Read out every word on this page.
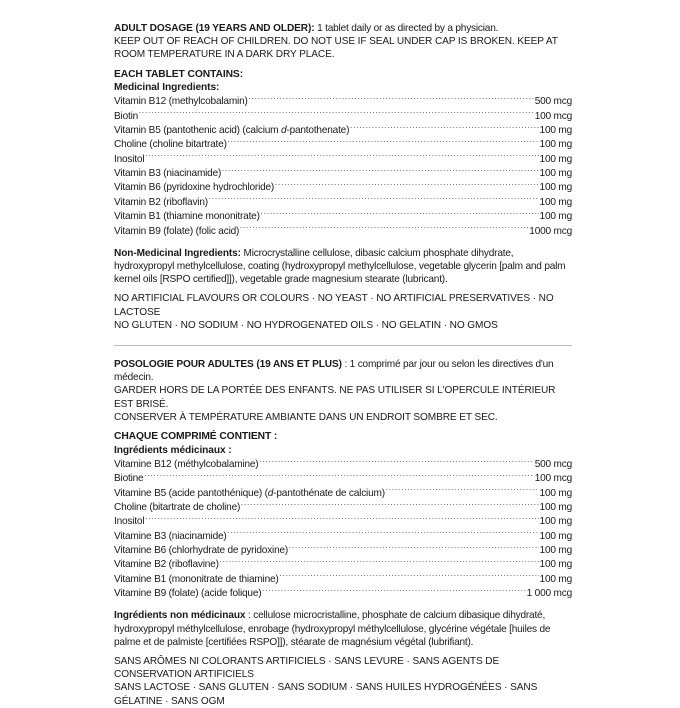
ADULT DOSAGE (19 YEARS AND OLDER): 1 tablet daily or as directed by a physician.

KEEP OUT OF REACH OF CHILDREN. DO NOT USE IF SEAL UNDER CAP IS BROKEN. KEEP AT

ROOM TEMPERATURE IN A DARK DRY PLACE.

EACH TABLET CONTAINS:

Medicinal Ingredients:

Vitamin B12 (methylcobalamin) .....	500 mcg
Biotin .....	100 mcg
Vitamin B5 (pantothenic acid) (calcium d-pantothenate) .....	100 mg
Choline (choline bitartrate) .....	100 mg
Inositol .....	100 mg
Vitamin B3 (niacinamide) .....	100 mg
Vitamin B6 (pyridoxine hydrochloride) .....	100 mg
Vitamin B2 (riboflavin) .....	100 mg
Vitamin B1 (thiamine mononitrate) .....	100 mg
Vitamin B9 (folate) (folic acid) .....	1000 mcg

Non-Medicinal Ingredients: Microcrystalline cellulose, dibasic calcium phosphate dihydrate, hydroxypropyl methylcellulose, coating (hydroxypropyl methylcellulose, vegetable glycerin [palm and palm kernel oils [RSPO certified]]), vegetable grade magnesium stearate (lubricant).

NO ARTIFICIAL FLAVOURS OR COLOURS · NO YEAST · NO ARTIFICIAL PRESERVATIVES · NO LACTOSE

NO GLUTEN · NO SODIUM · NO HYDROGENATED OILS · NO GELATIN · NO GMOS

POSOLOGIE POUR ADULTES (19 ANS ET PLUS) : 1 comprimé par jour ou selon les directives d'un médecin.

GARDER HORS DE LA PORTÉE DES ENFANTS. NE PAS UTILISER SI L'OPERCULE INTÉRIEUR EST BRISÉ.

CONSERVER À TEMPÉRATURE AMBIANTE DANS UN ENDROIT SOMBRE ET SEC.

CHAQUE COMPRIMÉ CONTIENT :

Ingrédients médicinaux :

Vitamine B12 (méthylcobalamine) .....	500 mcg
Biotine .....	100 mcg
Vitamine B5 (acide pantothénique) (d-pantothénate de calcium) .....	100 mg
Choline (bitartrate de choline) .....	100 mg
Inositol .....	100 mg
Vitamine B3 (niacinamide) .....	100 mg
Vitamine B6 (chlorhydrate de pyridoxine) .....	100 mg
Vitamine B2 (riboflavine) .....	100 mg
Vitamine B1 (mononitrate de thiamine) .....	100 mg
Vitamine B9 (folate) (acide folique) .....	1 000 mcg

Ingrédients non médicinaux : cellulose microcristalline, phosphate de calcium dibasique dihydraté, hydroxypropyl méthylcellulose, enrobage (hydroxypropyl méthylcellulose, glycérine végétale [huiles de palme et de palmiste [certifiées RSPO]]), stéarate de magnésium végétal (lubrifiant).

SANS ARÔMES NI COLORANTS ARTIFICIELS · SANS LEVURE · SANS AGENTS DE CONSERVATION ARTIFICIELS

SANS LACTOSE · SANS GLUTEN · SANS SODIUM · SANS HUILES HYDROGÉNÉES · SANS GÉLATINE · SANS OGM
